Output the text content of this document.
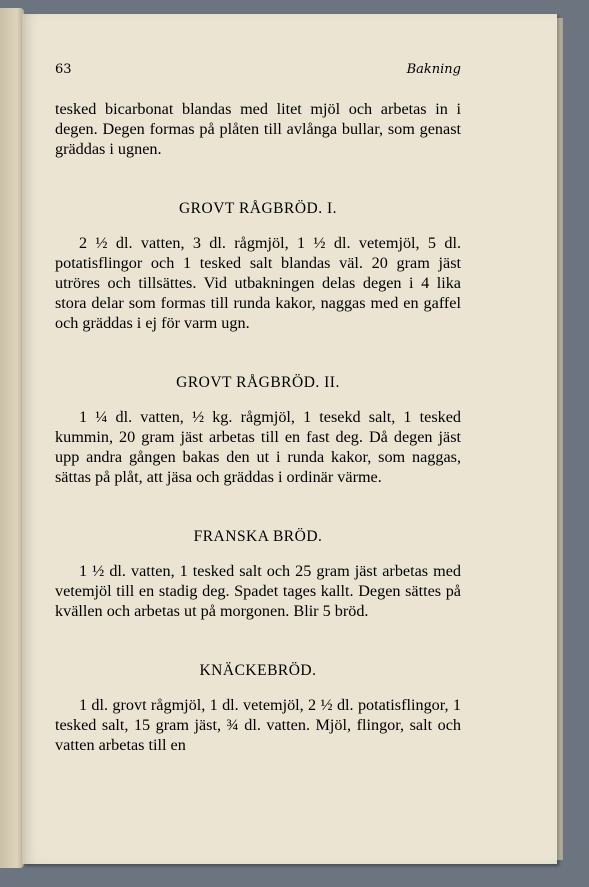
63	Bakning

tesked bicarbonat blandas med litet mjöl och arbetas in i degen. Degen formas på plåten till avlånga bullar, som genast gräddas i ugnen.

GROVT RÅGBRÖD. I.

2 ½ dl. vatten, 3 dl. rågmjöl, 1 ½ dl. vetemjöl, 5 dl. potatisflingor och 1 tesked salt blandas väl. 20 gram jäst utröres och tillsättes. Vid utbakningen delas degen i 4 lika stora delar som formas till runda kakor, naggas med en gaffel och gräddas i ej för varm ugn.

GROVT RÅGBRÖD. II.

1 ¼ dl. vatten, ½ kg. rågmjöl, 1 tesekd salt, 1 tesked kummin, 20 gram jäst arbetas till en fast deg. Då degen jäst upp andra gången bakas den ut i runda kakor, som naggas, sättas på plåt, att jäsa och gräddas i ordinär värme.

FRANSKA BRÖD.

1 ½ dl. vatten, 1 tesked salt och 25 gram jäst arbetas med vetemjöl till en stadig deg. Spadet tages kallt. Degen sättes på kvällen och arbetas ut på morgonen. Blir 5 bröd.

KNÄCKEBRÖD.

1 dl. grovt rågmjöl, 1 dl. vetemjöl, 2 ½ dl. potatisflingor, 1 tesked salt, 15 gram jäst, ¾ dl. vatten. Mjöl, flingor, salt och vatten arbetas till en
